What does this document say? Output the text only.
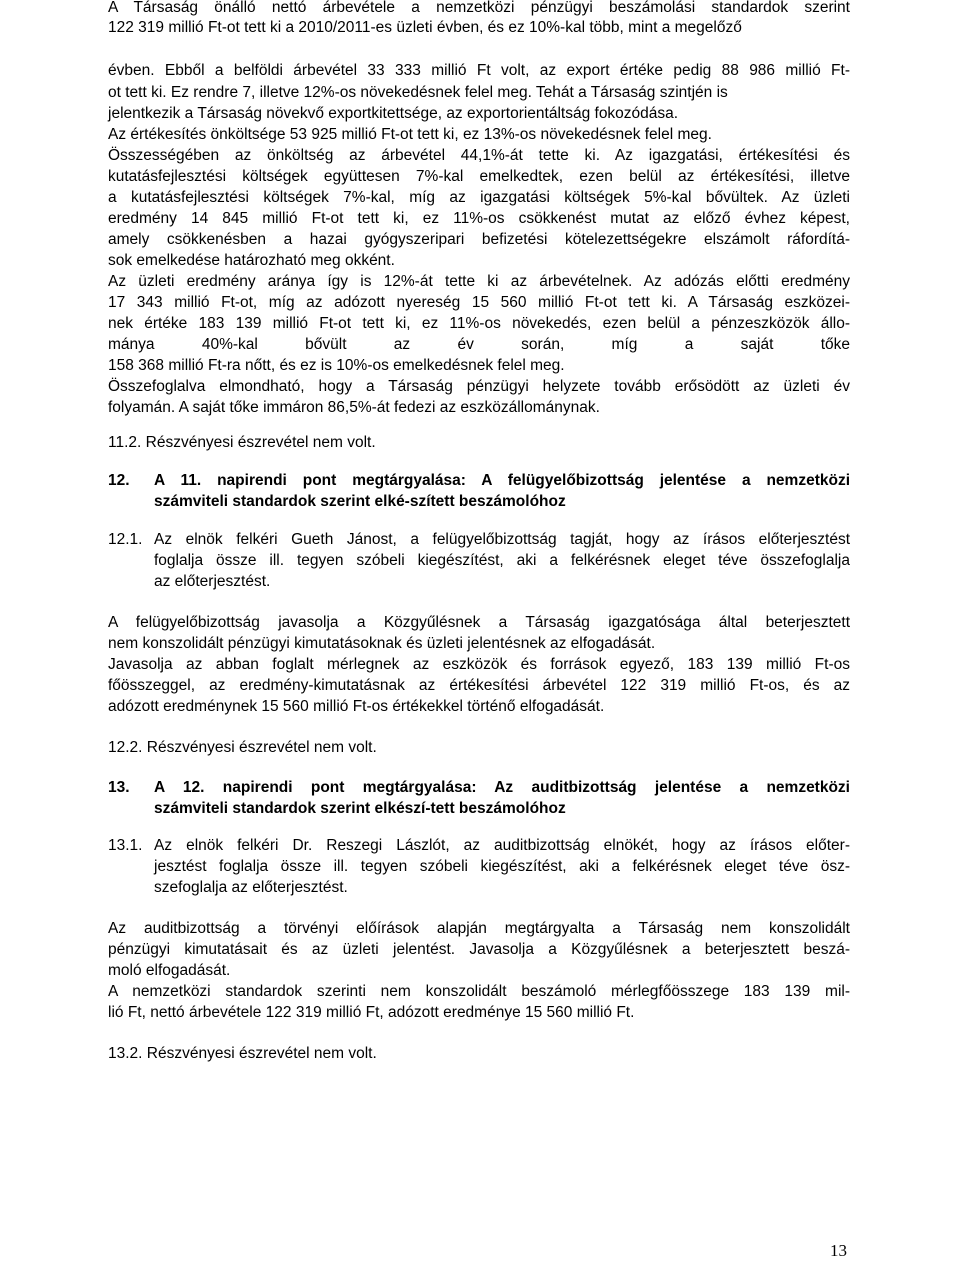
A Társaság önálló nettó árbevétele a nemzetközi pénzügyi beszámolási standardok szerint
122 319 millió Ft-ot tett ki a 2010/2011-es üzleti évben, és ez 10%-kal több, mint a megelőző
évben. Ebből a belföldi árbevétel 33 333 millió Ft volt, az export értéke pedig 88 986 millió Ft-
ot tett ki. Ez rendre 7, illetve 12%-os növekedésnek felel meg. Tehát a Társaság szintjén is
jelentkezik a Társaság növekvő exportkitettsége, az exportorientáltság fokozódása.
Az értékesítés önköltsége 53 925 millió Ft-ot tett ki, ez 13%-os növekedésnek felel meg.
Összességében az önköltség az árbevétel 44,1%-át tette ki. Az igazgatási, értékesítési és
kutatásfejlesztési költségek együttesen 7%-kal emelkedtek, ezen belül az értékesítési, illetve
a kutatásfejlesztési költségek 7%-kal, míg az igazgatási költségek 5%-kal bővültek. Az üzleti
eredmény 14 845 millió Ft-ot tett ki, ez 11%-os csökkenést mutat az előző évhez képest,
amely csökkenésben a hazai gyógyszeripari befizetési kötelezettségekre elszámolt ráfordítá-
sok emelkedése határozható meg okként.
Az üzleti eredmény aránya így is 12%-át tette ki az árbevételnek. Az adózás előtti eredmény
17 343 millió Ft-ot, míg az adózott nyereség 15 560 millió Ft-ot tett ki. A Társaság eszközei-
nek értéke 183 139 millió Ft-ot tett ki, ez 11%-os növekedés, ezen belül a pénzeszközök állo-
mánya 40%-kal bővült az év során, míg a saját tőke
158 368 millió Ft-ra nőtt, és ez is 10%-os emelkedésnek felel meg.
Összefoglalva elmondható, hogy a Társaság pénzügyi helyzete tovább erősödött az üzleti év
folyamán. A saját tőke immáron 86,5%-át fedezi az eszközállománynak.
11.2. Részvényesi észrevétel nem volt.
A felügyelőbizottság javasolja a Közgyűlésnek a Társaság igazgatósága által beterjesztett
nem konszolidált pénzügyi kimutatásoknak és üzleti jelentésnek az elfogadását.
Javasolja az abban foglalt mérlegnek az eszközök és források egyező, 183 139 millió Ft-os
főösszeggel, az eredmény-kimutatásnak az értékesítési árbevétel 122 319 millió Ft-os, és az
adózott eredménynek 15 560 millió Ft-os értékekkel történő elfogadását.
12.2. Részvényesi észrevétel nem volt.
Az auditbizottság a törvényi előírások alapján megtárgyalta a Társaság nem konszolidált
pénzügyi kimutatásait és az üzleti jelentést. Javasolja a Közgyűlésnek a beterjesztett beszá-
moló elfogadását.
A nemzetközi standardok szerinti nem konszolidált beszámoló mérlegfőösszege 183 139 mil-
lió Ft, nettó árbevétele 122 319 millió Ft, adózott eredménye 15 560 millió Ft.
13.2. Részvényesi észrevétel nem volt.
12.	A 11. napirendi pont megtárgyalása: A felügyelőbizottság jelentése a nemzetközi
számviteli standardok szerint elké-szített beszámolóhoz
13.	A 12. napirendi pont megtárgyalása: Az auditbizottság jelentése a nemzetközi
számviteli standardok szerint elkészí-tett beszámolóhoz
12.1. Az elnök felkéri Gueth Jánost, a felügyelőbizottság tagját, hogy az írásos előterjesztést
foglalja össze ill. tegyen szóbeli kiegészítést, aki a felkérésnek eleget téve összefoglalja
az előterjesztést.
13.1. Az elnök felkéri Dr. Reszegi Lászlót, az auditbizottság elnökét, hogy az írásos előter-
jesztést foglalja össze ill. tegyen szóbeli kiegészítést, aki a felkérésnek eleget téve ösz-
szefoglalja az előterjesztést.
13
